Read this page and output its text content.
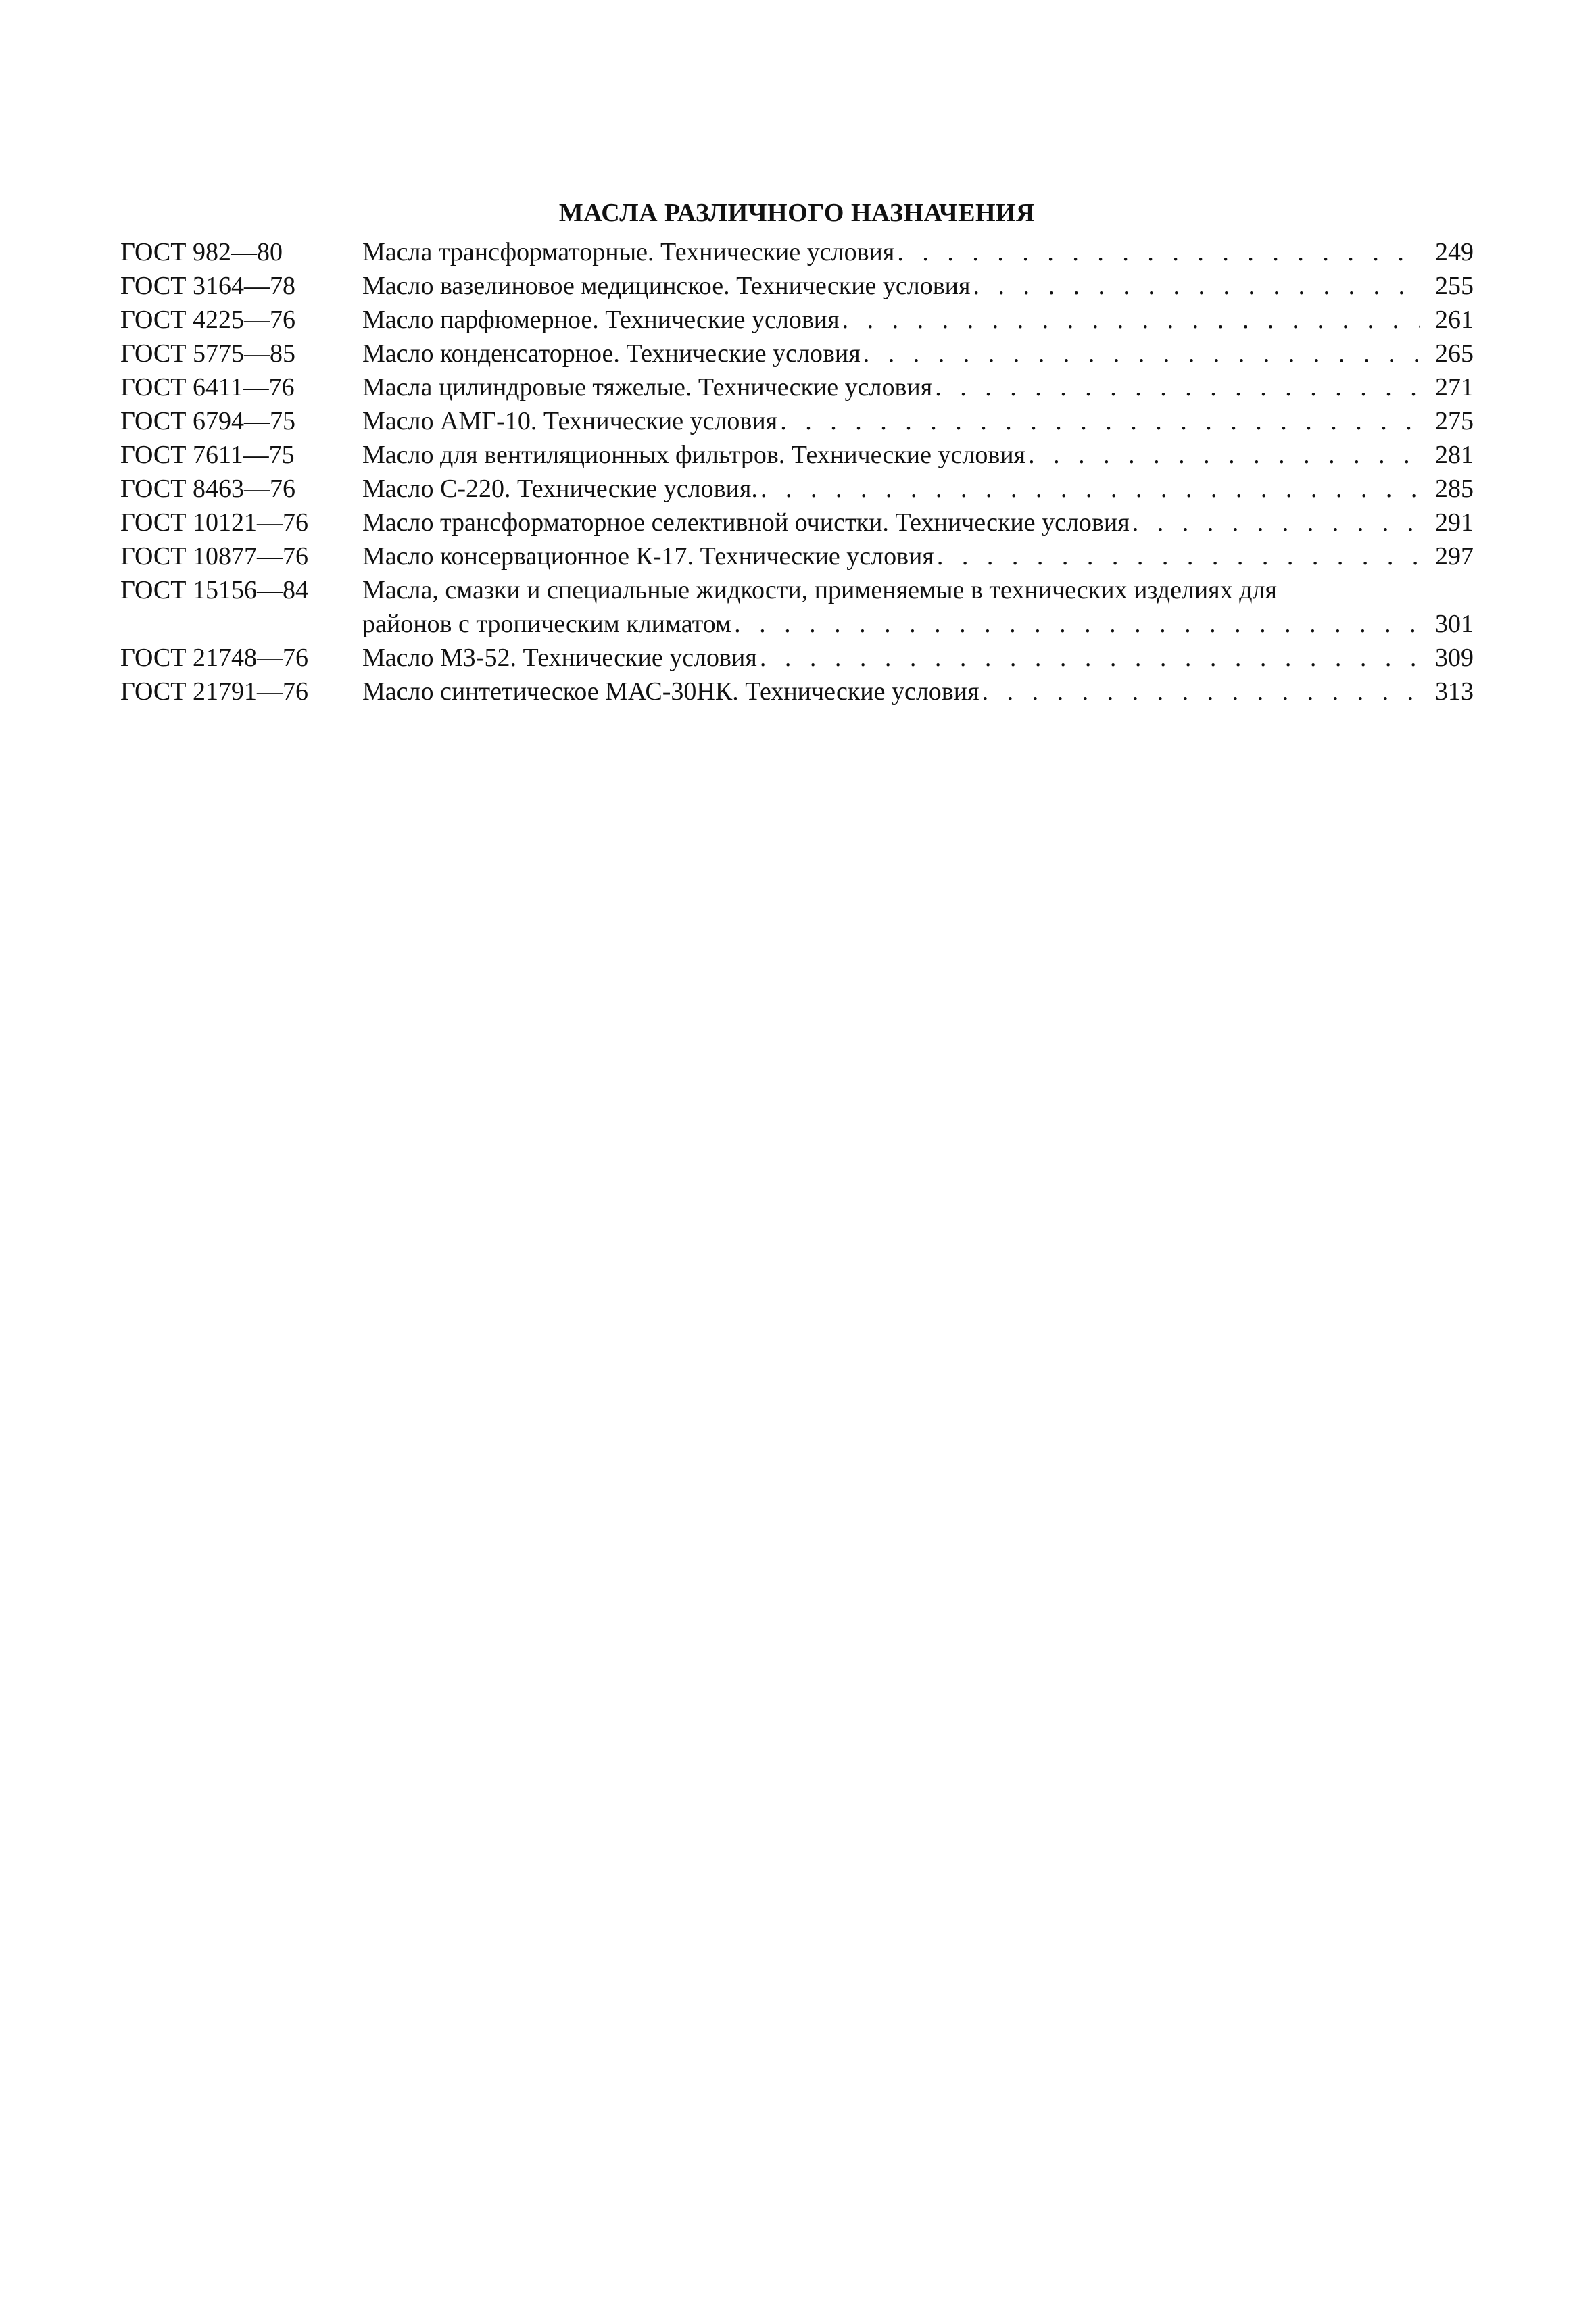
МАСЛА РАЗЛИЧНОГО НАЗНАЧЕНИЯ
ГОСТ 982—80	Масла трансформаторные. Технические условия . . .	249
ГОСТ 3164—78	Масло вазелиновое медицинское. Технические условия . . .	255
ГОСТ 4225—76	Масло парфюмерное. Технические условия . . .	261
ГОСТ 5775—85	Масло конденсаторное. Технические условия . . .	265
ГОСТ 6411—76	Масла цилиндровые тяжелые. Технические условия . . .	271
ГОСТ 6794—75	Масло АМГ-10. Технические условия . . .	275
ГОСТ 7611—75	Масло для вентиляционных фильтров. Технические условия . . .	281
ГОСТ 8463—76	Масло С-220. Технические условия. . . .	285
ГОСТ 10121—76 Масло трансформаторное селективной очистки. Технические условия . . .	291
ГОСТ 10877—76 Масло консервационное К-17. Технические условия . . .	297
ГОСТ 15156—84 Масла, смазки и специальные жидкости, применяемые в технических изделиях для
районов с тропическим климатом . . .	301
ГОСТ 21748—76 Масло МЗ-52. Технические условия . . .	309
ГОСТ 21791—76 Масло синтетическое МАС-30НК. Технические условия . . .	313
